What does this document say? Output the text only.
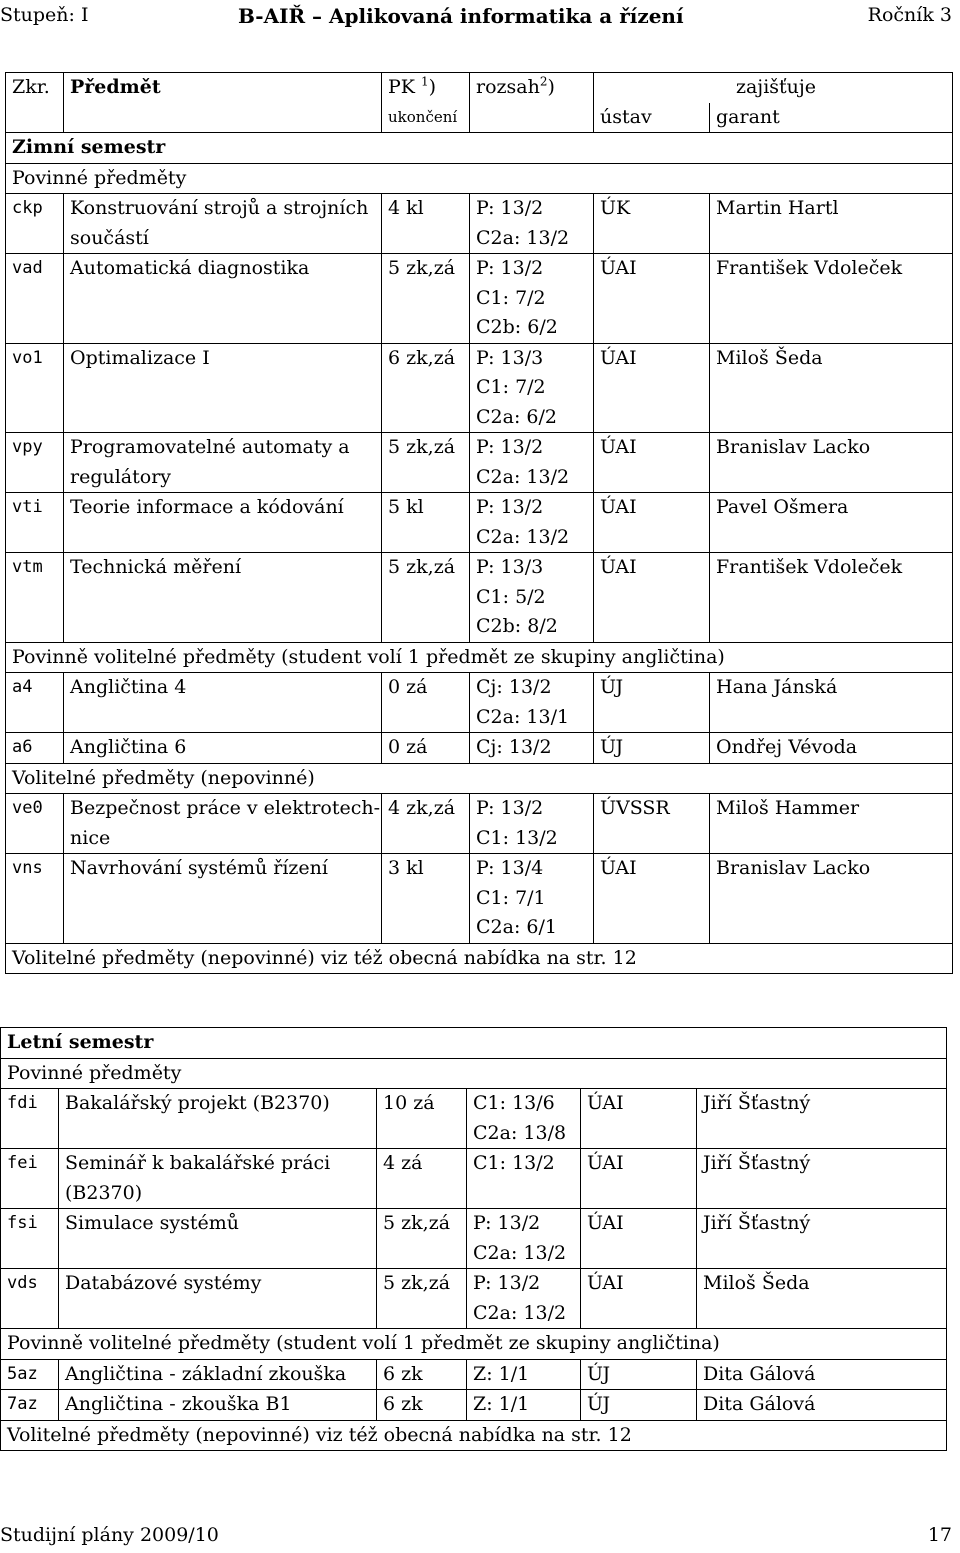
Stupeň: I	B-AIŘ – Aplikovaná informatika a řízení	Ročník 3
Zkr.	Předmět	PK $^1$)	rozsah$^2$)	zajišťuje	
		ukončení		ústav	garant
Zimní semestr					
Povinné předměty					
ckp	Konstruování strojů a strojních součástí	4 kl	P: 13/2	ÚK	Martin Hartl
			C2a: 13/2		
vad	Automatická diagnostika	5 zk,zá	P: 13/2	ÚAI	František Vdoleček
			C1: 7/2		
			C2b: 6/2		
vo1	Optimalizace I	6 zk,zá	P: 13/3	ÚAI	Miloš Šeda
			C1: 7/2		
			C2a: 6/2		
vpy	Programovatelné automaty a regulátory	5 zk,zá	P: 13/2	ÚAI	Branislav Lacko
			C2a: 13/2		
vti	Teorie informace a kódování	5 kl	P: 13/2	ÚAI	Pavel Ošmera
			C2a: 13/2		
vtm	Technická měření	5 zk,zá	P: 13/3	ÚAI	František Vdoleček
			C1: 5/2		
			C2b: 8/2		
Povinně volitelné předměty (student volí 1 předmět ze skupiny angličtina)					
a4	Angličtina 4	0 zá	Cj: 13/2	ÚJ	Hana Jánská
			C2a: 13/1		
a6	Angličtina 6	0 zá	Cj: 13/2	ÚJ	Ondřej Vévoda
Volitelné předměty (nepovinné)					
ve0	Bezpečnost práce v elektrotech-nice	4 zk,zá	P: 13/2	ÚVSSR	Miloš Hammer
			C1: 13/2		
vns	Navrhování systémů řízení	3 kl	P: 13/4	ÚAI	Branislav Lacko
			C1: 7/1		
			C2a: 6/1		
Volitelné předměty (nepovinné) viz též obecná nabídka na str. 12					
Letní semestr					
Povinné předměty					
fdi	Bakalářský projekt (B2370)	10 zá	C1: 13/6	ÚAI	Jiří Šťastný
			C2a: 13/8		
fei	Seminář k bakalářské práci (B2370)	4 zá	C1: 13/2	ÚAI	Jiří Šťastný

fsi	Simulace systémů	5 zk,zá	P: 13/2	ÚAI	Jiří Šťastný
			C2a: 13/2		
vds	Databázové systémy	5 zk,zá	P: 13/2	ÚAI	Miloš Šeda
			C2a: 13/2		
Povinně volitelné předměty (student volí 1 předmět ze skupiny angličtina)					
5az	Angličtina - základní zkouška	6 zk	Z: 1/1	ÚJ	Dita Gálová
7az	Angličtina - zkouška B1	6 zk	Z: 1/1	ÚJ	Dita Gálová
Volitelné předměty (nepovinné) viz též obecná nabídka na str. 12					
Studijní plány 2009/10	17
